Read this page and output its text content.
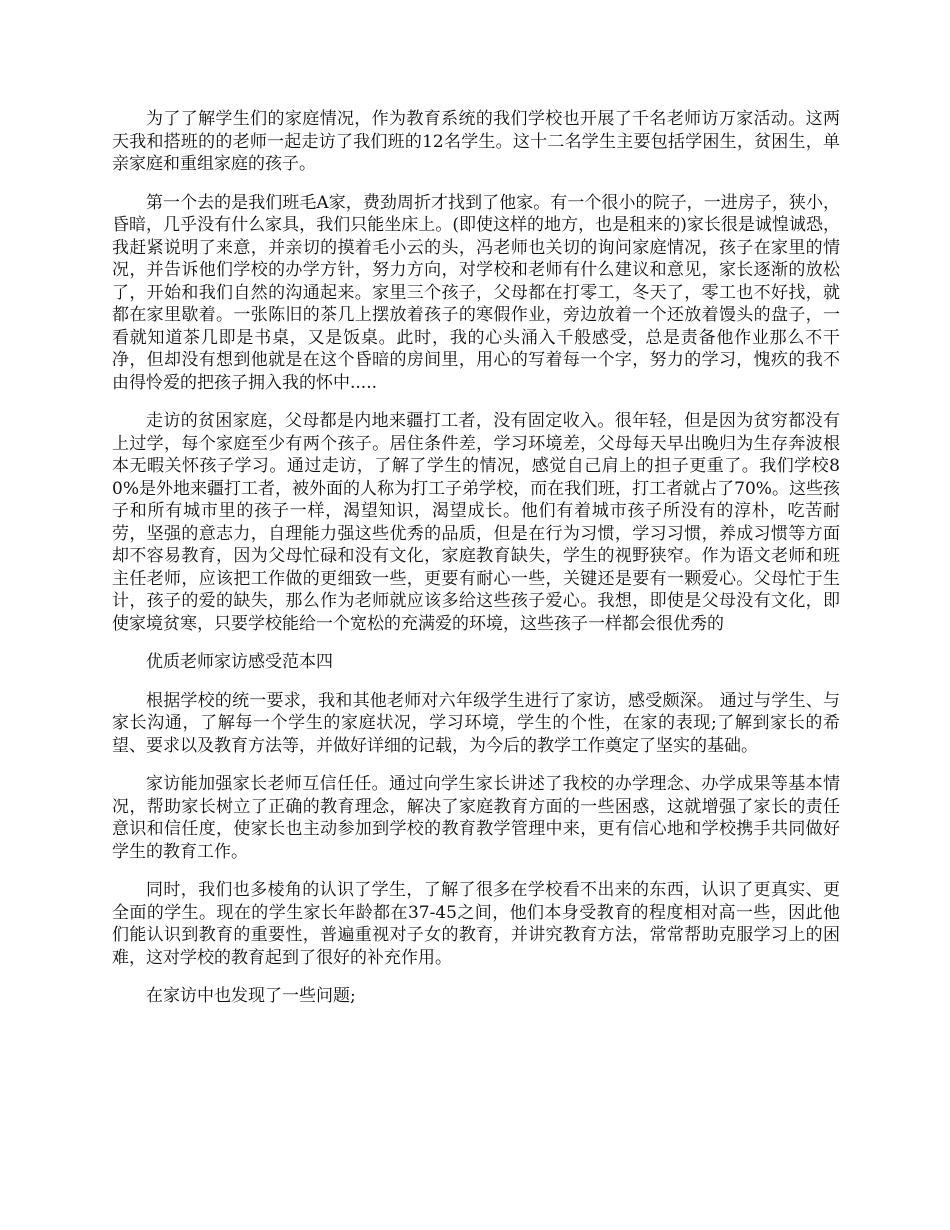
为了了解学生们的家庭情况，作为教育系统的我们学校也开展了千名老师访万家活动。这两天我和搭班的的老师一起走访了我们班的12名学生。这十二名学生主要包括学困生，贫困生，单亲家庭和重组家庭的孩子。

第一个去的是我们班毛A家，费劲周折才找到了他家。有一个很小的院子，一进房子，狭小，昏暗，几乎没有什么家具，我们只能坐床上。(即使这样的地方，也是租来的)家长很是诚惶诚恐，我赶紧说明了来意，并亲切的摸着毛小云的头，冯老师也关切的询问家庭情况，孩子在家里的情况，并告诉他们学校的办学方针，努力方向，对学校和老师有什么建议和意见，家长逐渐的放松了，开始和我们自然的沟通起来。家里三个孩子，父母都在打零工，冬天了，零工也不好找，就都在家里歇着。一张陈旧的茶几上摆放着孩子的寒假作业，旁边放着一个还放着馒头的盘子，一看就知道茶几即是书桌，又是饭桌。此时，我的心头涌入千般感受，总是责备他作业那么不干净，但却没有想到他就是在这个昏暗的房间里，用心的写着每一个字，努力的学习，愧疚的我不由得怜爱的把孩子拥入我的怀中.....

走访的贫困家庭，父母都是内地来疆打工者，没有固定收入。很年轻，但是因为贫穷都没有上过学，每个家庭至少有两个孩子。居住条件差，学习环境差，父母每天早出晚归为生存奔波根本无暇关怀孩子学习。通过走访，了解了学生的情况，感觉自己肩上的担子更重了。我们学校80%是外地来疆打工者，被外面的人称为打工子弟学校，而在我们班，打工者就占了70%。这些孩子和所有城市里的孩子一样，渴望知识，渴望成长。他们有着城市孩子所没有的淳朴，吃苦耐劳，坚强的意志力，自理能力强这些优秀的品质，但是在行为习惯，学习习惯，养成习惯等方面却不容易教育，因为父母忙碌和没有文化，家庭教育缺失，学生的视野狭窄。作为语文老师和班主任老师，应该把工作做的更细致一些，更要有耐心一些，关键还是要有一颗爱心。父母忙于生计，孩子的爱的缺失，那么作为老师就应该多给这些孩子爱心。我想，即使是父母没有文化，即使家境贫寒，只要学校能给一个宽松的充满爱的环境，这些孩子一样都会很优秀的

优质老师家访感受范本四

根据学校的统一要求，我和其他老师对六年级学生进行了家访，感受颇深。 通过与学生、与家长沟通，了解每一个学生的家庭状况，学习环境，学生的个性，在家的表现;了解到家长的希望、要求以及教育方法等，并做好详细的记载，为今后的教学工作奠定了坚实的基础。

家访能加强家长老师互信任任。通过向学生家长讲述了我校的办学理念、办学成果等基本情况，帮助家长树立了正确的教育理念，解决了家庭教育方面的一些困惑，这就增强了家长的责任意识和信任度，使家长也主动参加到学校的教育教学管理中来，更有信心地和学校携手共同做好学生的教育工作。

同时，我们也多棱角的认识了学生，了解了很多在学校看不出来的东西，认识了更真实、更全面的学生。现在的学生家长年龄都在37-45之间，他们本身受教育的程度相对高一些，因此他们能认识到教育的重要性，普遍重视对子女的教育，并讲究教育方法，常常帮助克服学习上的困难，这对学校的教育起到了很好的补充作用。

在家访中也发现了一些问题;
